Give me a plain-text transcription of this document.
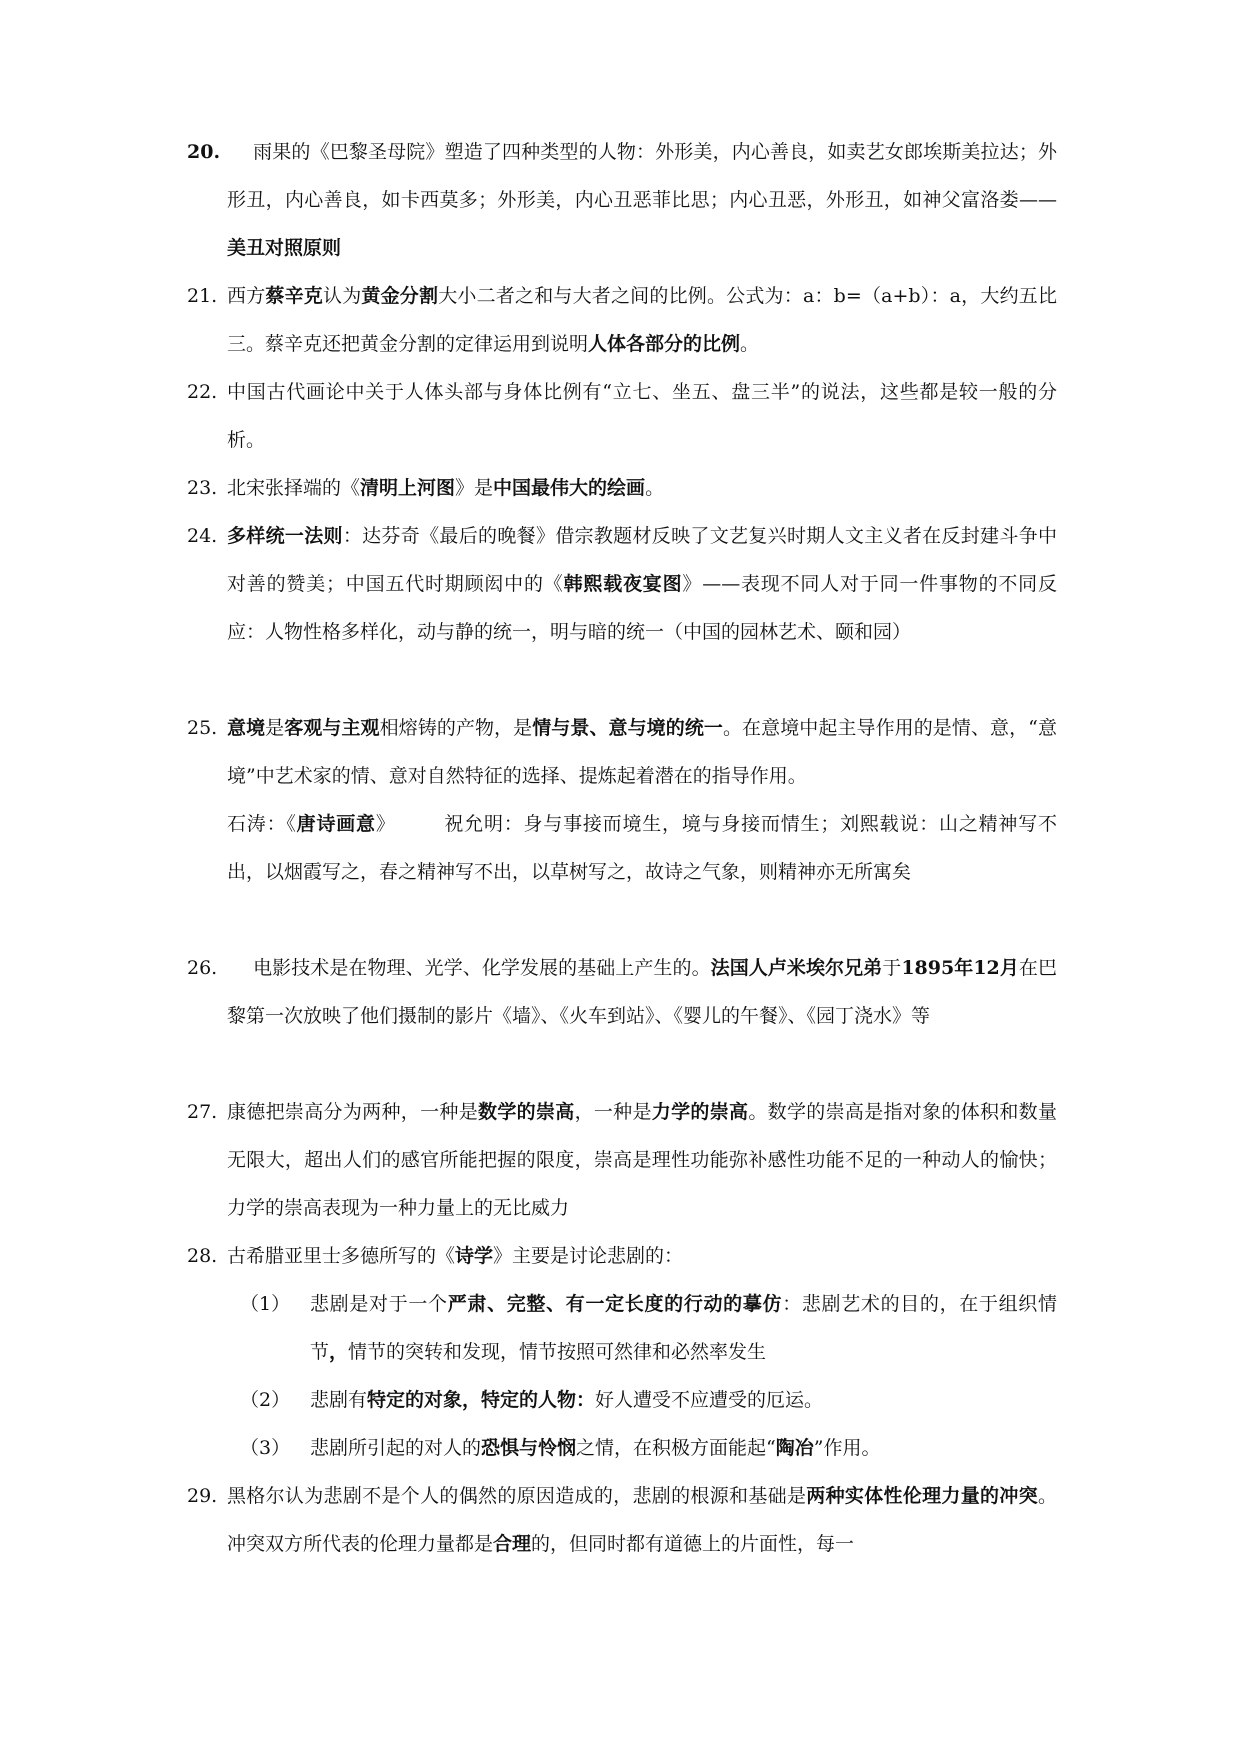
20.	雨果的《巴黎圣母院》塑造了四种类型的人物：外形美，内心善良，如卖艺女郎埃斯美拉达；外形丑，内心善良，如卡西莫多；外形美，内心丑恶菲比思；内心丑恶，外形丑，如神父富洛娄——美丑对照原则
21. 西方蔡辛克认为黄金分割大小二者之和与大者之间的比例。公式为：a：b=（a+b）：a，大约五比三。蔡辛克还把黄金分割的定律运用到说明人体各部分的比例。
22. 中国古代画论中关于人体头部与身体比例有“立七、坐五、盘三半”的说法，这些都是较一般的分析。
23. 北宋张择端的《清明上河图》是中国最伟大的绘画。
24. 多样统一法则：达芬奇《最后的晚餐》借宗教题材反映了文艺复兴时期人文主义者在反封建斗争中对善的赞美；中国五代时期顾闳中的《韩熙载夜宴图》——表现不同人对于同一件事物的不同反应：人物性格多样化，动与静的统一，明与暗的统一（中国的园林艺术、颐和园）
25. 意境是客观与主观相熔铸的产物，是情与景、意与境的统一。在意境中起主导作用的是情、意，“意境”中艺术家的情、意对自然特征的选择、提炼起着潜在的指导作用。
石涛：《唐诗画意》	祝允明：身与事接而境生，境与身接而情生；刘熙载说：山之精神写不出，以烟霞写之，春之精神写不出，以草树写之，故诗之气象，则精神亦无所寓矣
26.	电影技术是在物理、光学、化学发展的基础上产生的。法国人卢米埃尔兄弟于1895年12月在巴黎第一次放映了他们摄制的影片《墙》、《火车到站》、《婴儿的午餐》、《园丁浇水》等
27. 康德把崇高分为两种，一种是数学的崇高，一种是力学的崇高。数学的崇高是指对象的体积和数量无限大，超出人们的感官所能把握的限度，崇高是理性功能弥补感性功能不足的一种动人的愉快；力学的崇高表现为一种力量上的无比威力
28. 古希腊亚里士多德所写的《诗学》主要是讨论悲剧的：
（1）	悲剧是对于一个严肃、完整、有一定长度的行动的摹仿：悲剧艺术的目的，在于组织情节，情节的突转和发现，情节按照可然律和必然率发生
（2）	悲剧有特定的对象，特定的人物：好人遭受不应遭受的厄运。
（3）	悲剧所引起的对人的恐惧与怜悯之情，在积极方面能起“陶冶”作用。
29. 黑格尔认为悲剧不是个人的偶然的原因造成的，悲剧的根源和基础是两种实体性伦理力量的冲突。冲突双方所代表的伦理力量都是合理的，但同时都有道德上的片面性，每一
